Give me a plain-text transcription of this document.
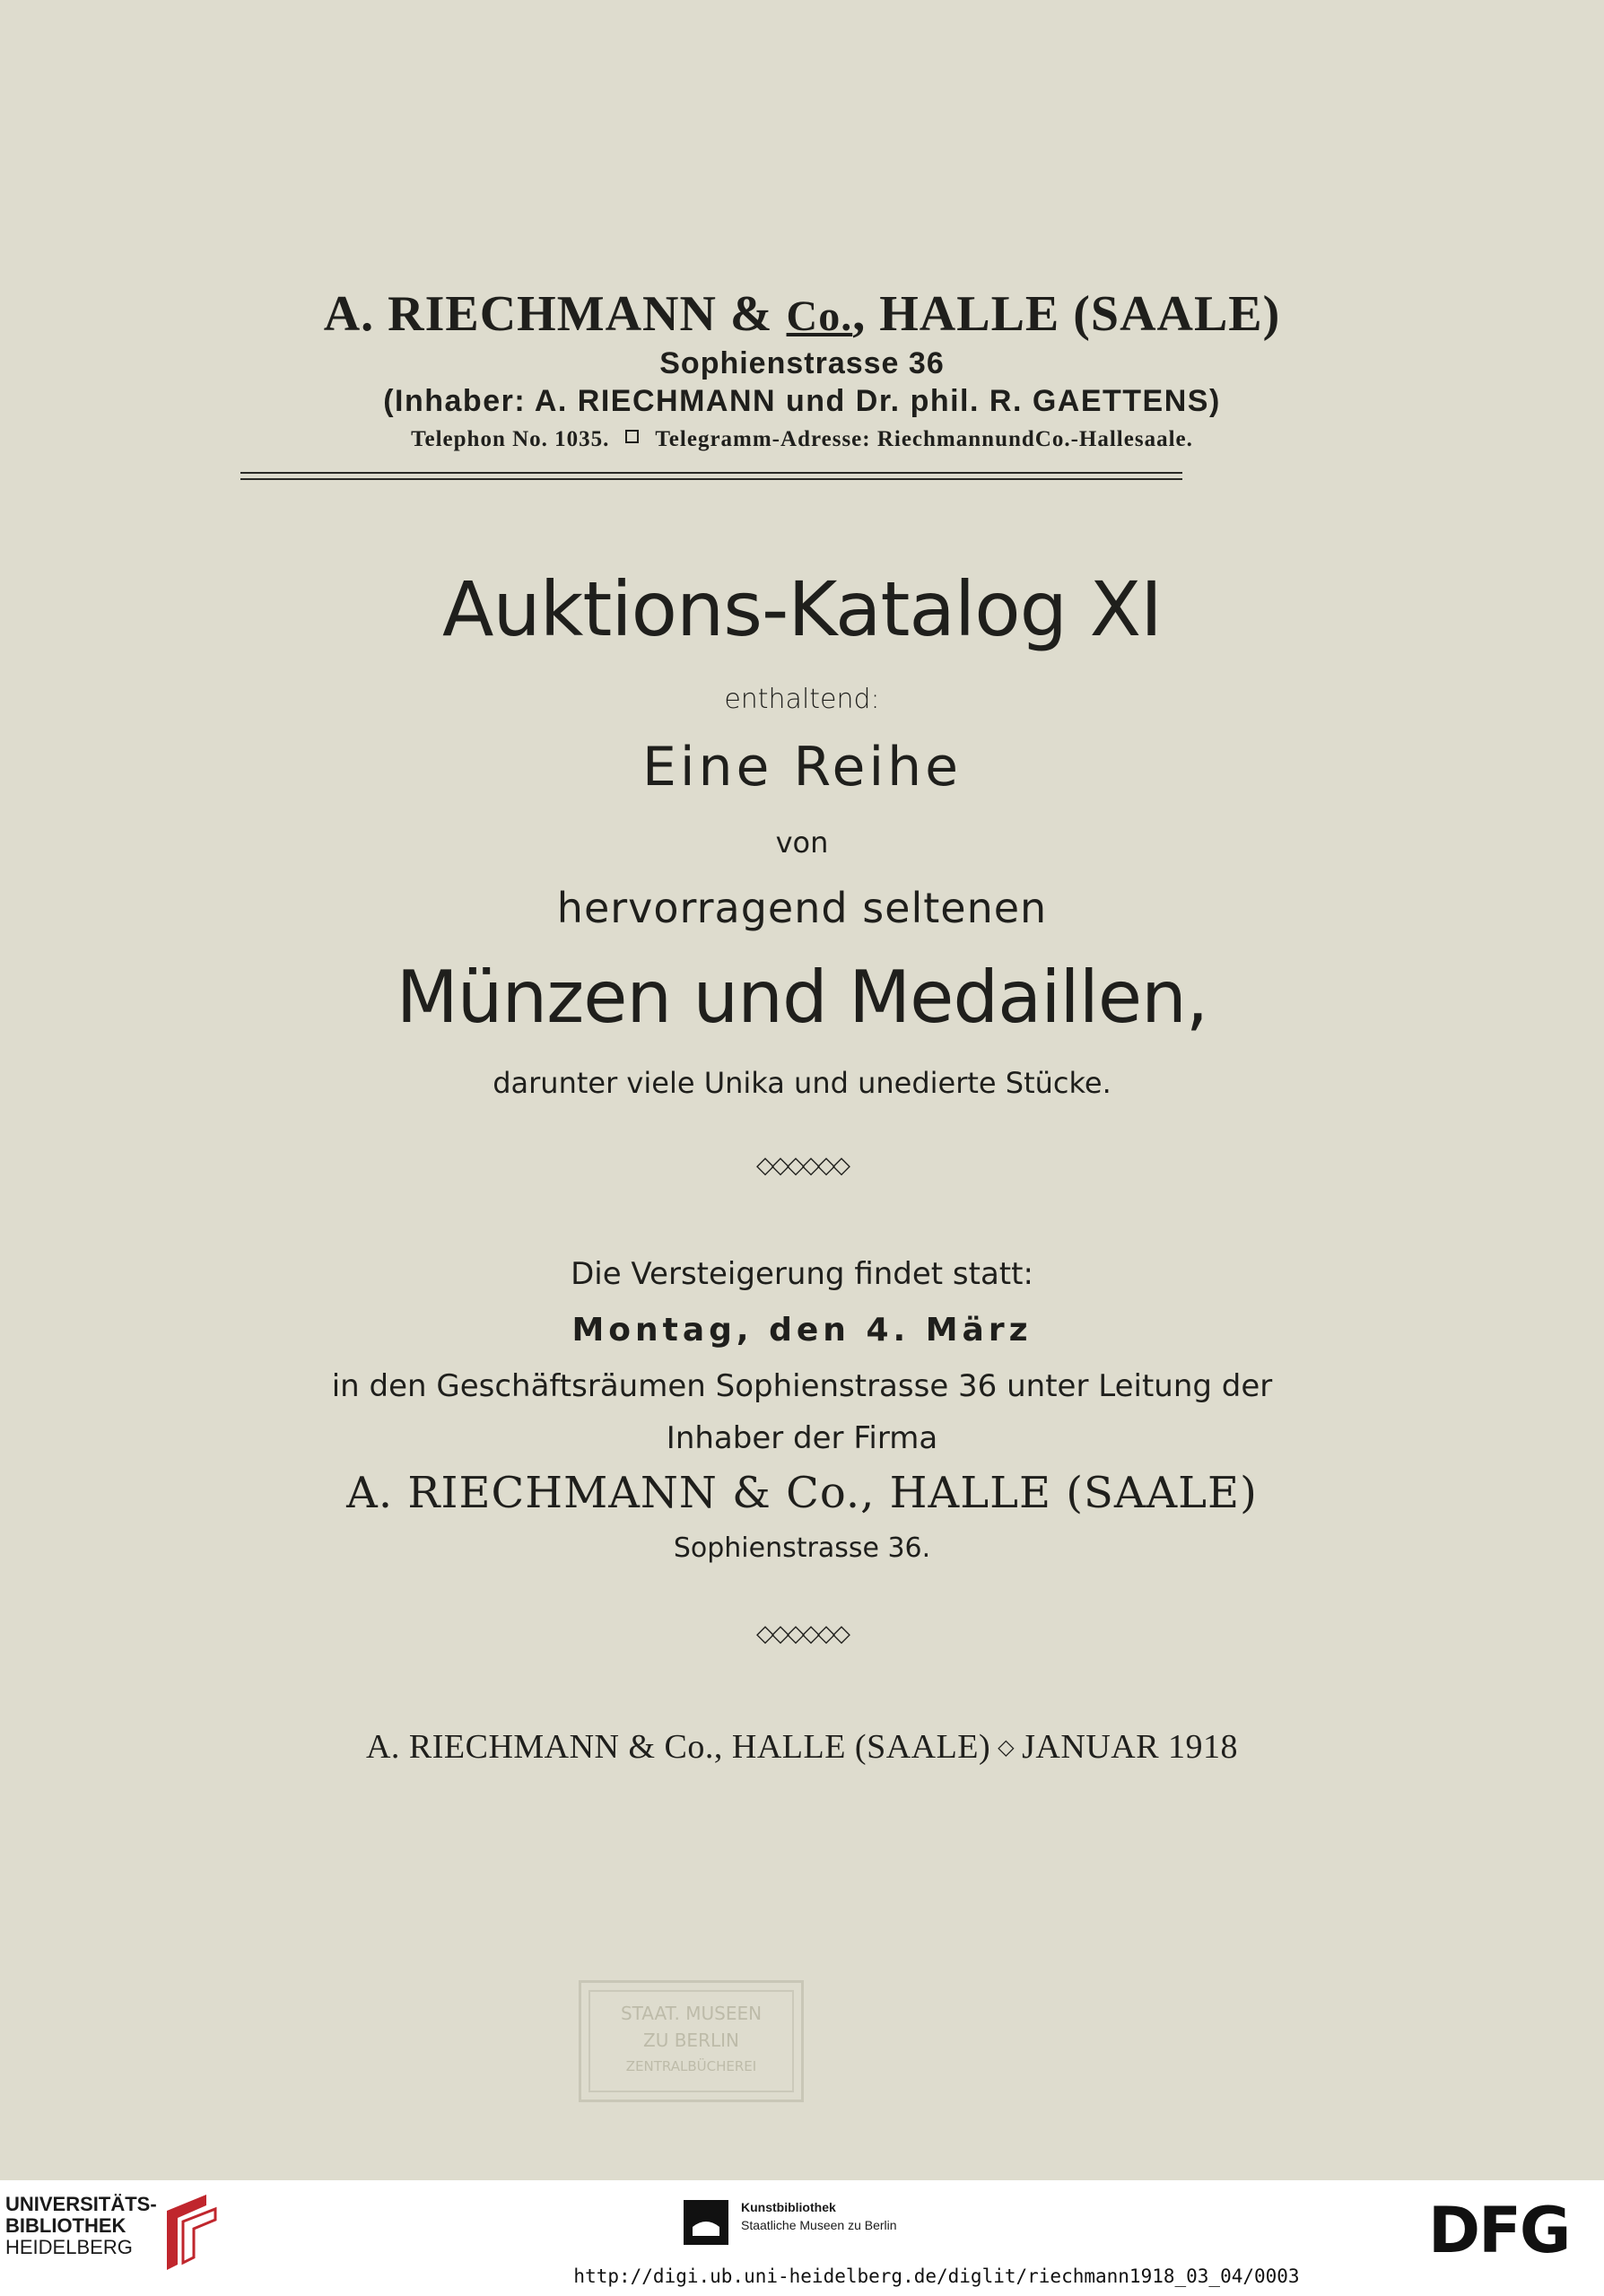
A. RIECHMANN & Co., HALLE (SAALE)
Sophienstrasse 36
(Inhaber: A. RIECHMANN und Dr. phil. R. GAETTENS)
Telephon No. 1035. Telegramm-Adresse: RiechmannundCo.-Hallesaale.
Auktions-Katalog XI
enthaltend:
Eine Reihe
von
hervorragend seltenen
Münzen und Medaillen,
darunter viele Unika und unedierte Stücke.
◇◇◇◇◇◇
Die Versteigerung findet statt:
Montag, den 4. März
in den Geschäftsräumen Sophienstrasse 36 unter Leitung der
Inhaber der Firma
A. RIECHMANN & Co., HALLE (SAALE)
Sophienstrasse 36.
◇◇◇◇◇◇
A. RIECHMANN & Co., HALLE (SAALE) ◇ JANUAR 1918
STAAT. MUSEEN
ZU BERLIN
ZENTRALBÜCHEREI
UNIVERSITÄTS-
BIBLIOTHEK
HEIDELBERG
Kunstbibliothek
Staatliche Museen zu Berlin	DFG
http://digi.ub.uni-heidelberg.de/diglit/riechmann1918_03_04/0003
